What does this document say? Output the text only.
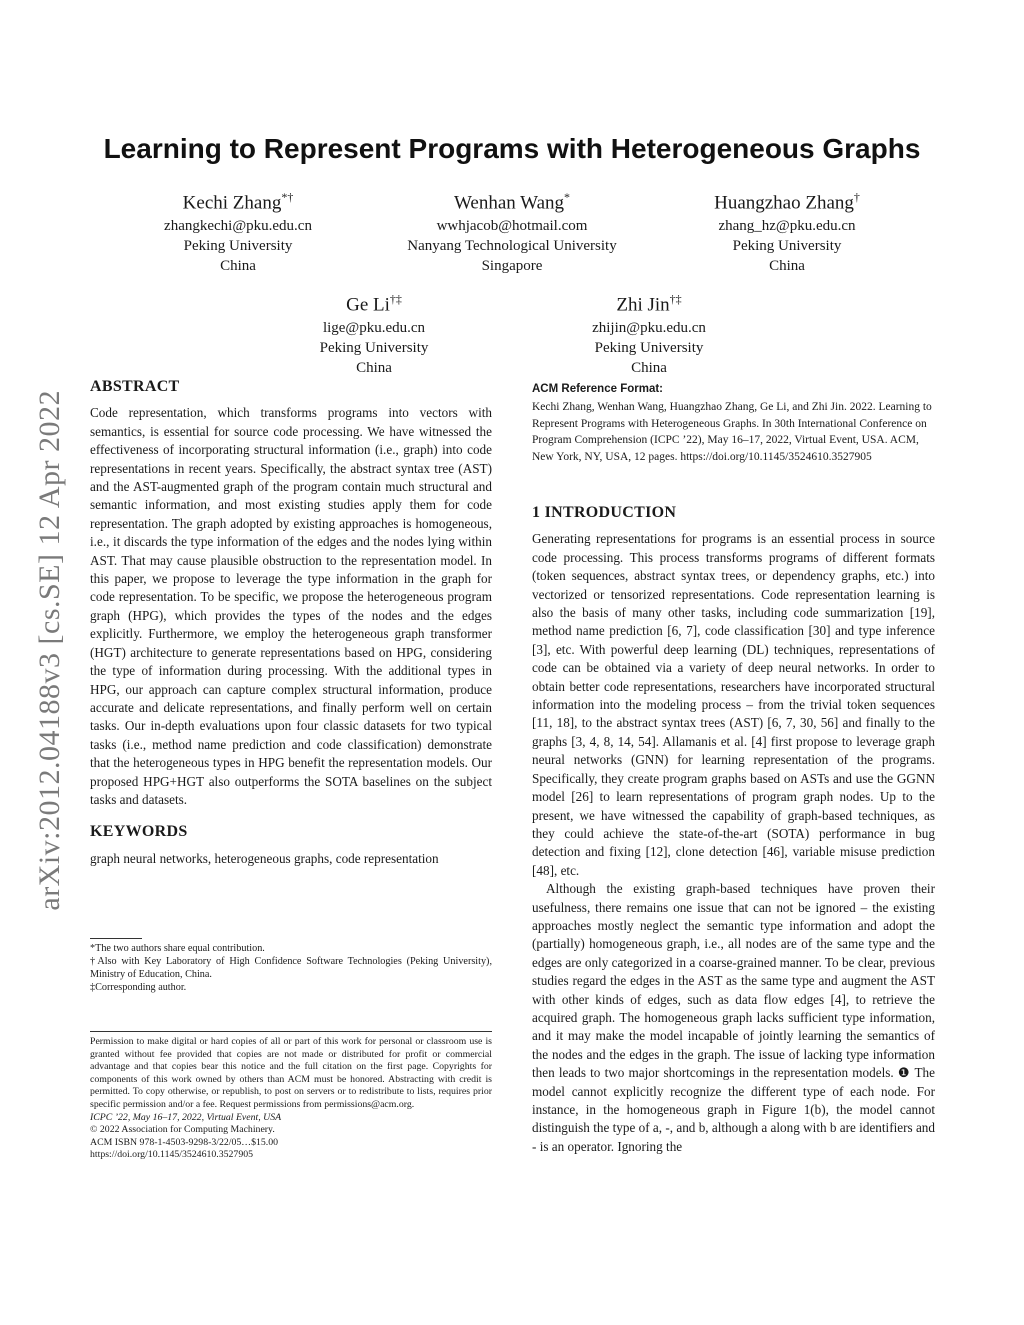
arXiv:2012.04188v3 [cs.SE] 12 Apr 2022
Learning to Represent Programs with Heterogeneous Graphs
Kechi Zhang*†
zhangkechi@pku.edu.cn
Peking University
China
Wenhan Wang*
wwhjacob@hotmail.com
Nanyang Technological University
Singapore
Huangzhao Zhang†
zhang_hz@pku.edu.cn
Peking University
China
Ge Li†‡
lige@pku.edu.cn
Peking University
China
Zhi Jin†‡
zhijin@pku.edu.cn
Peking University
China
ABSTRACT
Code representation, which transforms programs into vectors with semantics, is essential for source code processing. We have witnessed the effectiveness of incorporating structural information (i.e., graph) into code representations in recent years. Specifically, the abstract syntax tree (AST) and the AST-augmented graph of the program contain much structural and semantic information, and most existing studies apply them for code representation. The graph adopted by existing approaches is homogeneous, i.e., it discards the type information of the edges and the nodes lying within AST. That may cause plausible obstruction to the representation model. In this paper, we propose to leverage the type information in the graph for code representation. To be specific, we propose the heterogeneous program graph (HPG), which provides the types of the nodes and the edges explicitly. Furthermore, we employ the heterogeneous graph transformer (HGT) architecture to generate representations based on HPG, considering the type of information during processing. With the additional types in HPG, our approach can capture complex structural information, produce accurate and delicate representations, and finally perform well on certain tasks. Our in-depth evaluations upon four classic datasets for two typical tasks (i.e., method name prediction and code classification) demonstrate that the heterogeneous types in HPG benefit the representation models. Our proposed HPG+HGT also outperforms the SOTA baselines on the subject tasks and datasets.
KEYWORDS
graph neural networks, heterogeneous graphs, code representation
*The two authors share equal contribution.
†Also with Key Laboratory of High Confidence Software Technologies (Peking University), Ministry of Education, China.
‡Corresponding author.
Permission to make digital or hard copies of all or part of this work for personal or classroom use is granted without fee provided that copies are not made or distributed for profit or commercial advantage and that copies bear this notice and the full citation on the first page. Copyrights for components of this work owned by others than ACM must be honored. Abstracting with credit is permitted. To copy otherwise, or republish, to post on servers or to redistribute to lists, requires prior specific permission and/or a fee. Request permissions from permissions@acm.org.
ICPC ’22, May 16–17, 2022, Virtual Event, USA
© 2022 Association for Computing Machinery.
ACM ISBN 978-1-4503-9298-3/22/05…$15.00
https://doi.org/10.1145/3524610.3527905
ACM Reference Format:
Kechi Zhang, Wenhan Wang, Huangzhao Zhang, Ge Li, and Zhi Jin. 2022. Learning to Represent Programs with Heterogeneous Graphs. In 30th International Conference on Program Comprehension (ICPC ’22), May 16–17, 2022, Virtual Event, USA. ACM, New York, NY, USA, 12 pages. https://doi.org/10.1145/3524610.3527905
1 INTRODUCTION

Generating representations for programs is an essential process in source code processing. This process transforms programs of different formats (token sequences, abstract syntax trees, or dependency graphs, etc.) into vectorized or tensorized representations. Code representation learning is also the basis of many other tasks, including code summarization [19], method name prediction [6, 7], code classification [30] and type inference [3], etc. With powerful deep learning (DL) techniques, representations of code can be obtained via a variety of deep neural networks. In order to obtain better code representations, researchers have incorporated structural information into the modeling process – from the trivial token sequences [11, 18], to the abstract syntax trees (AST) [6, 7, 30, 56] and finally to the graphs [3, 4, 8, 14, 54]. Allamanis et al. [4] first propose to leverage graph neural networks (GNN) for learning representation of the programs. Specifically, they create program graphs based on ASTs and use the GGNN model [26] to learn representations of program graph nodes. Up to the present, we have witnessed the capability of graph-based techniques, as they could achieve the state-of-the-art (SOTA) performance in bug detection and fixing [12], clone detection [46], variable misuse prediction [48], etc.

Although the existing graph-based techniques have proven their usefulness, there remains one issue that can not be ignored – the existing approaches mostly neglect the semantic type information and adopt the (partially) homogeneous graph, i.e., all nodes are of the same type and the edges are only categorized in a coarse-grained manner. To be clear, previous studies regard the edges in the AST as the same type and augment the AST with other kinds of edges, such as data flow edges [4], to retrieve the acquired graph. The homogeneous graph lacks sufficient type information, and it may make the model incapable of jointly learning the semantics of the nodes and the edges in the graph. The issue of lacking type information then leads to two major shortcomings in the representation models. ❶ The model cannot explicitly recognize the different type of each node. For instance, in the homogeneous graph in Figure 1(b), the model cannot distinguish the type of a, -, and b, although a along with b are identifiers and - is an operator. Ignoring the
